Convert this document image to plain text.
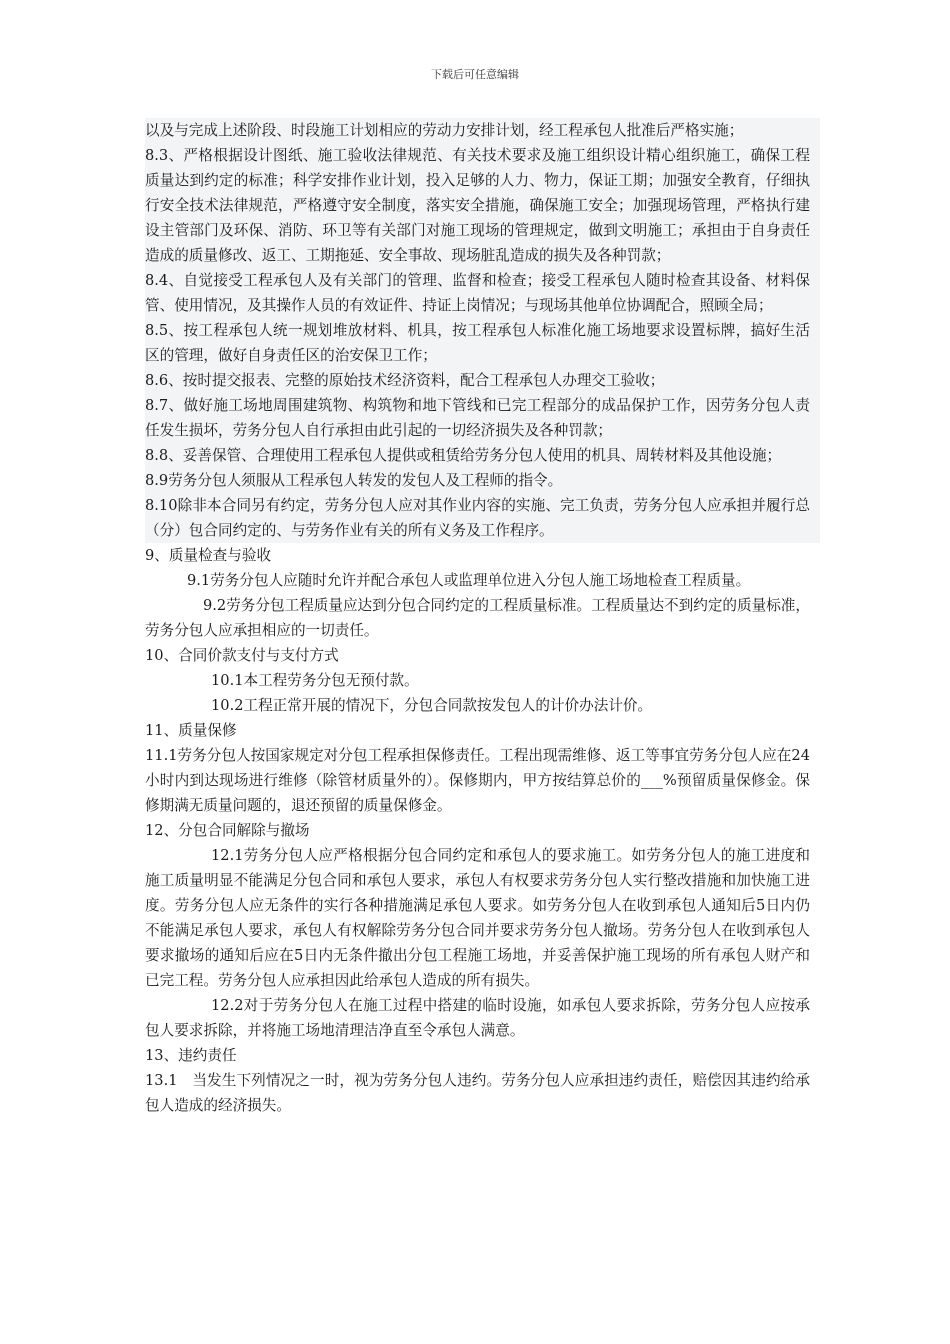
下载后可任意编辑

以及与完成上述阶段、时段施工计划相应的劳动力安排计划，经工程承包人批准后严格实施；

8.3、严格根据设计图纸、施工验收法律规范、有关技术要求及施工组织设计精心组织施工，确保工程质量达到约定的标准；科学安排作业计划，投入足够的人力、物力，保证工期；加强安全教育，仔细执行安全技术法律规范，严格遵守安全制度，落实安全措施，确保施工安全；加强现场管理，严格执行建设主管部门及环保、消防、环卫等有关部门对施工现场的管理规定，做到文明施工；承担由于自身责任造成的质量修改、返工、工期拖延、安全事故、现场脏乱造成的损失及各种罚款；

8.4、自觉接受工程承包人及有关部门的管理、监督和检查；接受工程承包人随时检查其设备、材料保管、使用情况，及其操作人员的有效证件、持证上岗情况；与现场其他单位协调配合，照顾全局；

8.5、按工程承包人统一规划堆放材料、机具，按工程承包人标准化施工场地要求设置标牌，搞好生活区的管理，做好自身责任区的治安保卫工作；

8.6、按时提交报表、完整的原始技术经济资料，配合工程承包人办理交工验收；

8.7、做好施工场地周围建筑物、构筑物和地下管线和已完工程部分的成品保护工作，因劳务分包人责任发生损坏，劳务分包人自行承担由此引起的一切经济损失及各种罚款；

8.8、妥善保管、合理使用工程承包人提供或租赁给劳务分包人使用的机具、周转材料及其他设施；

8.9劳务分包人须服从工程承包人转发的发包人及工程师的指令。

8.10除非本合同另有约定，劳务分包人应对其作业内容的实施、完工负责，劳务分包人应承担并履行总（分）包合同约定的、与劳务作业有关的所有义务及工作程序。

9、质量检查与验收

9.1劳务分包人应随时允许并配合承包人或监理单位进入分包人施工场地检查工程质量。

9.2劳务分包工程质量应达到分包合同约定的工程质量标准。工程质量达不到约定的质量标准，劳务分包人应承担相应的一切责任。

10、合同价款支付与支付方式

10.1本工程劳务分包无预付款。

10.2工程正常开展的情况下，分包合同款按发包人的计价办法计价。

11、质量保修

11.1劳务分包人按国家规定对分包工程承担保修责任。工程出现需维修、返工等事宜劳务分包人应在24小时内到达现场进行维修（除管材质量外的）。保修期内，甲方按结算总价的___%预留质量保修金。保修期满无质量问题的，退还预留的质量保修金。

12、分包合同解除与撤场

12.1劳务分包人应严格根据分包合同约定和承包人的要求施工。如劳务分包人的施工进度和施工质量明显不能满足分包合同和承包人要求，承包人有权要求劳务分包人实行整改措施和加快施工进度。劳务分包人应无条件的实行各种措施满足承包人要求。如劳务分包人在收到承包人通知后5日内仍不能满足承包人要求，承包人有权解除劳务分包合同并要求劳务分包人撤场。劳务分包人在收到承包人要求撤场的通知后应在5日内无条件撤出分包工程施工场地，并妥善保护施工现场的所有承包人财产和已完工程。劳务分包人应承担因此给承包人造成的所有损失。

12.2对于劳务分包人在施工过程中搭建的临时设施，如承包人要求拆除，劳务分包人应按承包人要求拆除，并将施工场地清理洁净直至令承包人满意。

13、违约责任

13.1　当发生下列情况之一时，视为劳务分包人违约。劳务分包人应承担违约责任，赔偿因其违约给承包人造成的经济损失。
